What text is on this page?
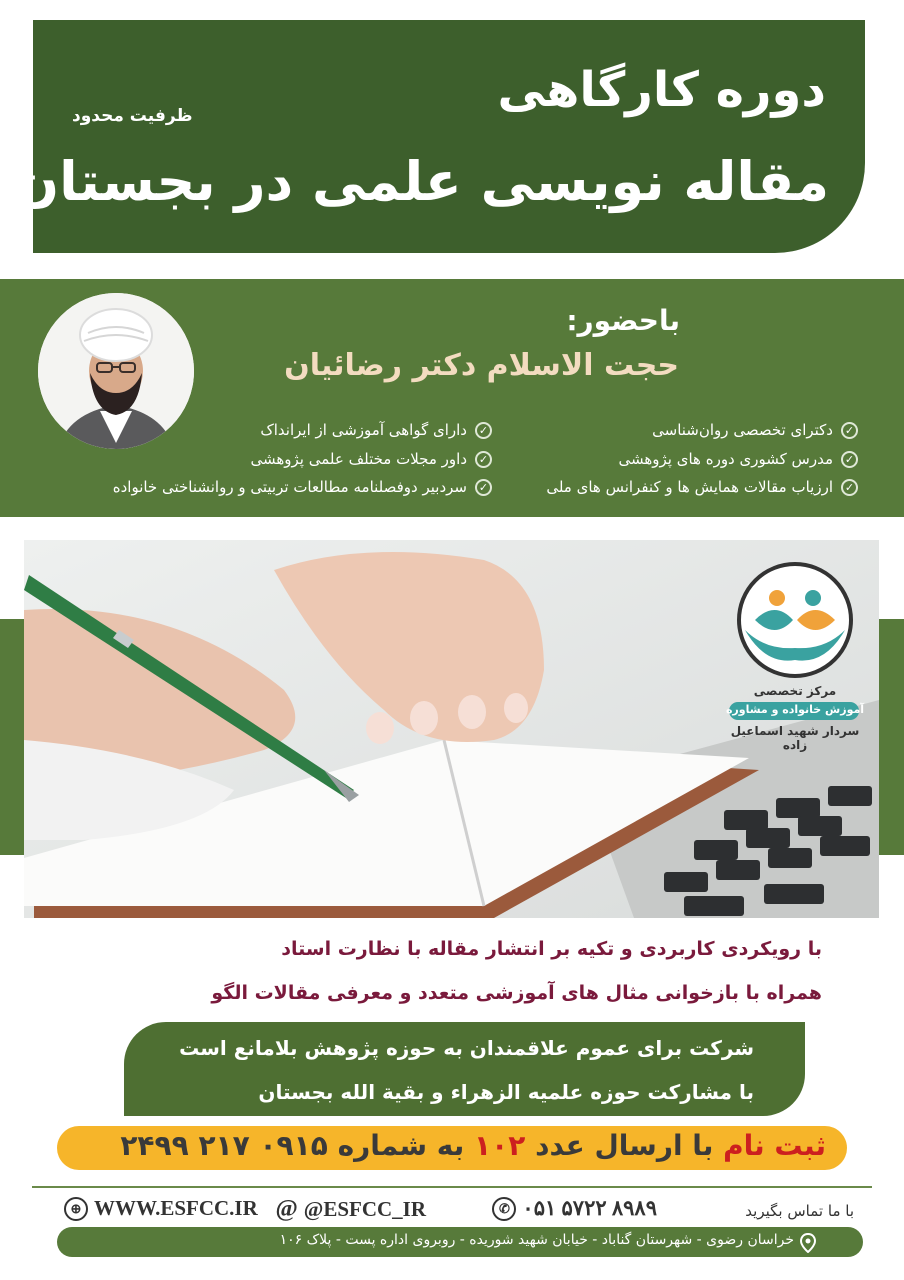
دوره کارگاهی
مقاله نویسی علمی در بجستان
ظرفیت محدود
باحضور:
حجت الاسلام دکتر رضائیان
✓
دکترای تخصصی روان‌شناسی
✓
مدرس کشوری دوره های پژوهشی
✓
ارزیاب مقالات همایش ها و کنفرانس های ملی
✓
دارای گواهی آموزشی از ایرانداک
✓
داور مجلات مختلف علمی پژوهشی
✓
سردبیر دوفصلنامه مطالعات تربیتی و روانشناختی خانواده
مرکز تخصصی
آموزش خانواده و مشاوره
سردار شهید اسماعیل زاده
با رویکردی کاربردی و تکیه بر انتشار مقاله با نظارت استاد
همراه با بازخوانی مثال های آموزشی متعدد و معرفی مقالات الگو
شرکت برای عموم علاقمندان به حوزه پژوهش بلامانع است
با مشارکت حوزه علمیه الزهراء و بقیة الله بجستان
ثبت نام با ارسال عدد ۱۰۲ به شماره ۰۹۱۵ ۲۱۷ ۲۴۹۹
با ما تماس بگیرید
✆ ۰۵۱ ۵۷۲۲ ۸۹۸۹
@ @ESFCC_IR
⊕ WWW.ESFCC.IR
خراسان رضوی - شهرستان گناباد - خیابان شهید شوریده - روبروی اداره پست - پلاک ۱۰۶
